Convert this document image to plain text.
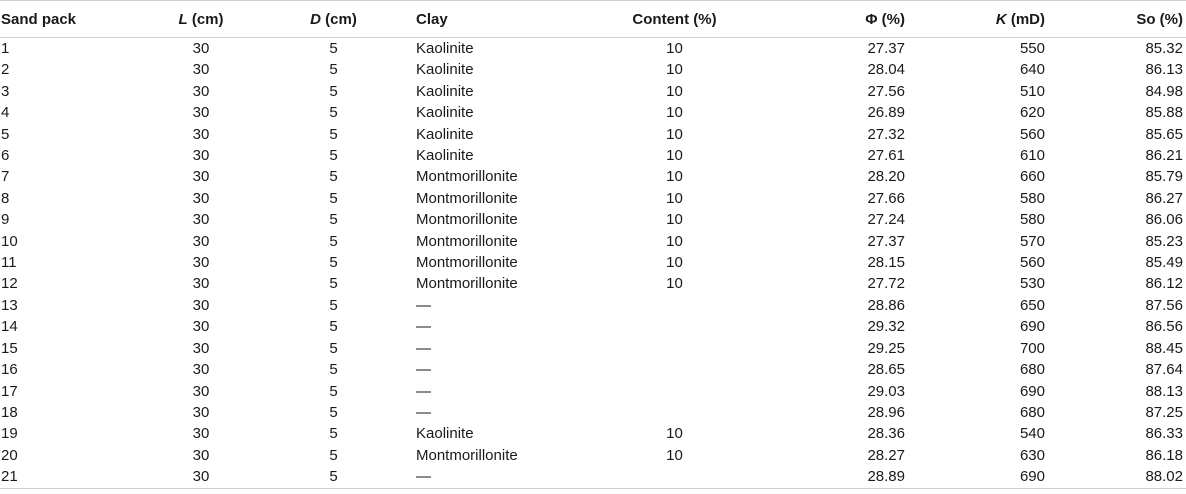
Sand pack	L (cm)	D (cm)	Clay	Content (%)	Φ (%)	K (mD)	So (%)
1	30	5	Kaolinite	10	27.37	550	85.32
2	30	5	Kaolinite	10	28.04	640	86.13
3	30	5	Kaolinite	10	27.56	510	84.98
4	30	5	Kaolinite	10	26.89	620	85.88
5	30	5	Kaolinite	10	27.32	560	85.65
6	30	5	Kaolinite	10	27.61	610	86.21
7	30	5	Montmorillonite	10	28.20	660	85.79
8	30	5	Montmorillonite	10	27.66	580	86.27
9	30	5	Montmorillonite	10	27.24	580	86.06
10	30	5	Montmorillonite	10	27.37	570	85.23
11	30	5	Montmorillonite	10	28.15	560	85.49
12	30	5	Montmorillonite	10	27.72	530	86.12
13	30	5	—		28.86	650	87.56
14	30	5	—		29.32	690	86.56
15	30	5	—		29.25	700	88.45
16	30	5	—		28.65	680	87.64
17	30	5	—		29.03	690	88.13
18	30	5	—		28.96	680	87.25
19	30	5	Kaolinite	10	28.36	540	86.33
20	30	5	Montmorillonite	10	28.27	630	86.18
21	30	5	—		28.89	690	88.02
